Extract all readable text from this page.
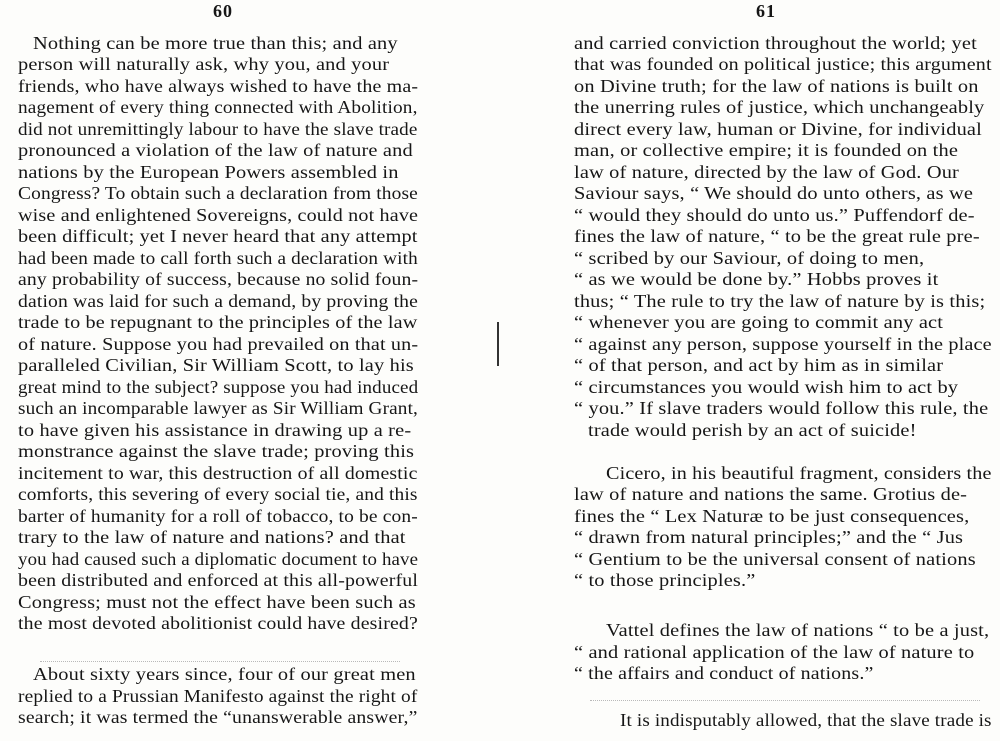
60
Nothing can be more true than this; and any
person will naturally ask, why you, and your
friends, who have always wished to have the ma-
nagement of every thing connected with Abolition,
did not unremittingly labour to have the slave trade
pronounced a violation of the law of nature and
nations by the European Powers assembled in
Congress? To obtain such a declaration from those
wise and enlightened Sovereigns, could not have
been difficult; yet I never heard that any attempt
had been made to call forth such a declaration with
any probability of success, because no solid foun-
dation was laid for such a demand, by proving the
trade to be repugnant to the principles of the law
of nature. Suppose you had prevailed on that un-
paralleled Civilian, Sir William Scott, to lay his
great mind to the subject? suppose you had induced
such an incomparable lawyer as Sir William Grant,
to have given his assistance in drawing up a re-
monstrance against the slave trade; proving this
incitement to war, this destruction of all domestic
comforts, this severing of every social tie, and this
barter of humanity for a roll of tobacco, to be con-
trary to the law of nature and nations? and that
you had caused such a diplomatic document to have
been distributed and enforced at this all-powerful
Congress; must not the effect have been such as
the most devoted abolitionist could have desired?
About sixty years since, four of our great men
replied to a Prussian Manifesto against the right of
search; it was termed the “unanswerable answer,”
61
and carried conviction throughout the world; yet
that was founded on political justice; this argument
on Divine truth; for the law of nations is built on
the unerring rules of justice, which unchangeably
direct every law, human or Divine, for individual
man, or collective empire; it is founded on the
law of nature, directed by the law of God. Our
Saviour says, “ We should do unto others, as we
“ would they should do unto us.” Puffendorf de-
fines the law of nature, “ to be the great rule pre-
“ scribed by our Saviour, of doing to men,
“ as we would be done by.” Hobbs proves it
thus; “ The rule to try the law of nature by is this;
“ whenever you are going to commit any act
“ against any person, suppose yourself in the place
“ of that person, and act by him as in similar
“ circumstances you would wish him to act by
“ you.” If slave traders would follow this rule, the
trade would perish by an act of suicide!
Cicero, in his beautiful fragment, considers the
law of nature and nations the same. Grotius de-
fines the “ Lex Naturæ to be just consequences,
“ drawn from natural principles;” and the “ Jus
“ Gentium to be the universal consent of nations
“ to those principles.”
Vattel defines the law of nations “ to be a just,
“ and rational application of the law of nature to
“ the affairs and conduct of nations.”
It is indisputably allowed, that the slave trade is
